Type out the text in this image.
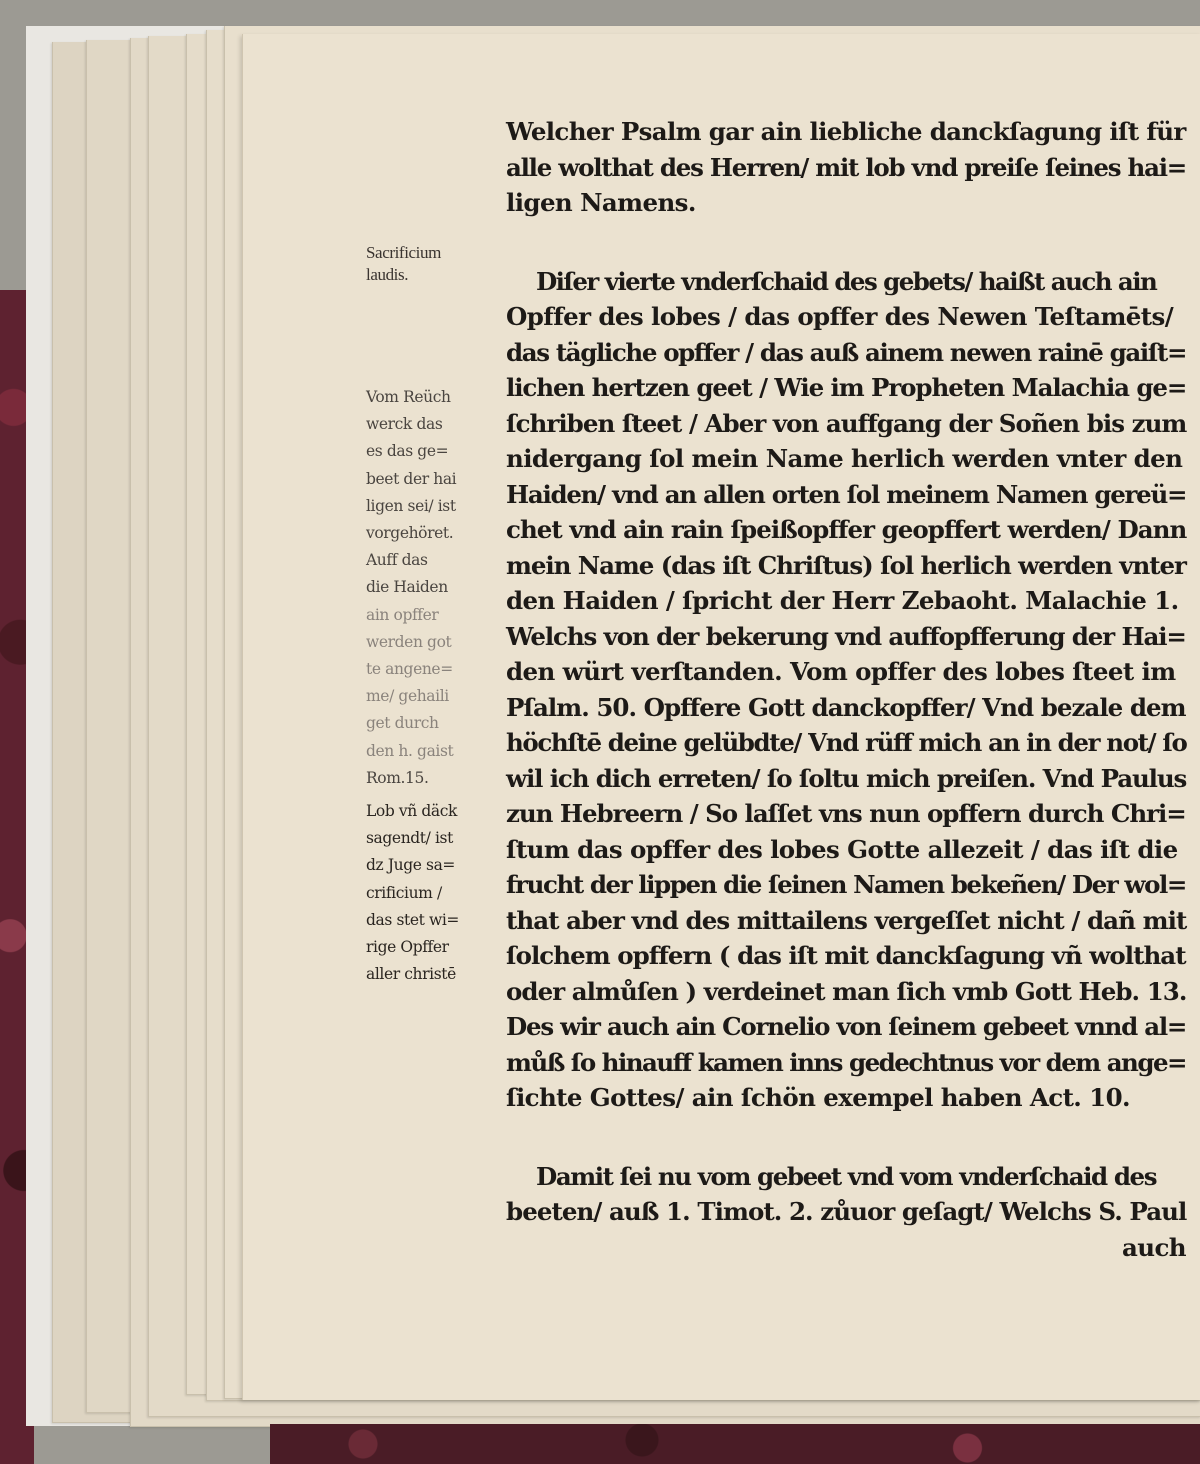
Sacrificium
laudis.
Vom Reüch
werck das
es das ge=
beet der hai
ligen sei/ ist
vorgehöret.
Auff das
die Haiden
ain opffer
werden got
te angene=
me/ gehaili
get durch
den h. gaist
Rom.15.
Lob vñ däck
sagendt/ ist
dz Juge sa=
crificium /
das stet wi=
rige Opffer
aller christē
Welcher Psalm gar ain liebliche danckſagung iſt für
alle wolthat des Herren/ mit lob vnd preiſe ſeines hai=
ligen Namens.
Diſer vierte vnderſchaid des gebets/ haißt auch ain
Opffer des lobes / das opffer des Newen Teſtamēts/
das tägliche opffer / das auß ainem newen rainē gaiſt=
lichen hertzen geet / Wie im Propheten Malachia ge=
ſchriben ſteet / Aber von auffgang der Soñen bis zum
nidergang ſol mein Name herlich werden vnter den
Haiden/ vnd an allen orten ſol meinem Namen gereü=
chet vnd ain rain ſpeißopffer geopffert werden/ Dann
mein Name (das iſt Chriſtus) ſol herlich werden vnter
den Haiden / ſpricht der Herr Zebaoht. Malachie 1.
Welchs von der bekerung vnd auffopfferung der Hai=
den würt verſtanden. Vom opffer des lobes ſteet im
Pſalm. 50. Opffere Gott danckopffer/ Vnd bezale dem
höchſtē deine gelübdte/ Vnd rüff mich an in der not/ ſo
wil ich dich erreten/ ſo ſoltu mich preiſen. Vnd Paulus
zun Hebreern / So laſſet vns nun opffern durch Chri=
ſtum das opffer des lobes Gotte allezeit / das iſt die
frucht der lippen die ſeinen Namen bekeñen/ Der wol=
that aber vnd des mittailens vergeſſet nicht / dañ mit
ſolchem opffern ( das iſt mit danckſagung vñ wolthat
oder almůſen ) verdeinet man ſich vmb Gott Heb. 13.
Des wir auch ain Cornelio von ſeinem gebeet vnnd al=
můß ſo hinauff kamen inns gedechtnus vor dem ange=
ſichte Gottes/ ain ſchön exempel haben Act. 10.
Damit ſei nu vom gebeet vnd vom vnderſchaid des
beeten/ auß 1. Timot. 2. zůuor geſagt/ Welchs S. Paul
auch
